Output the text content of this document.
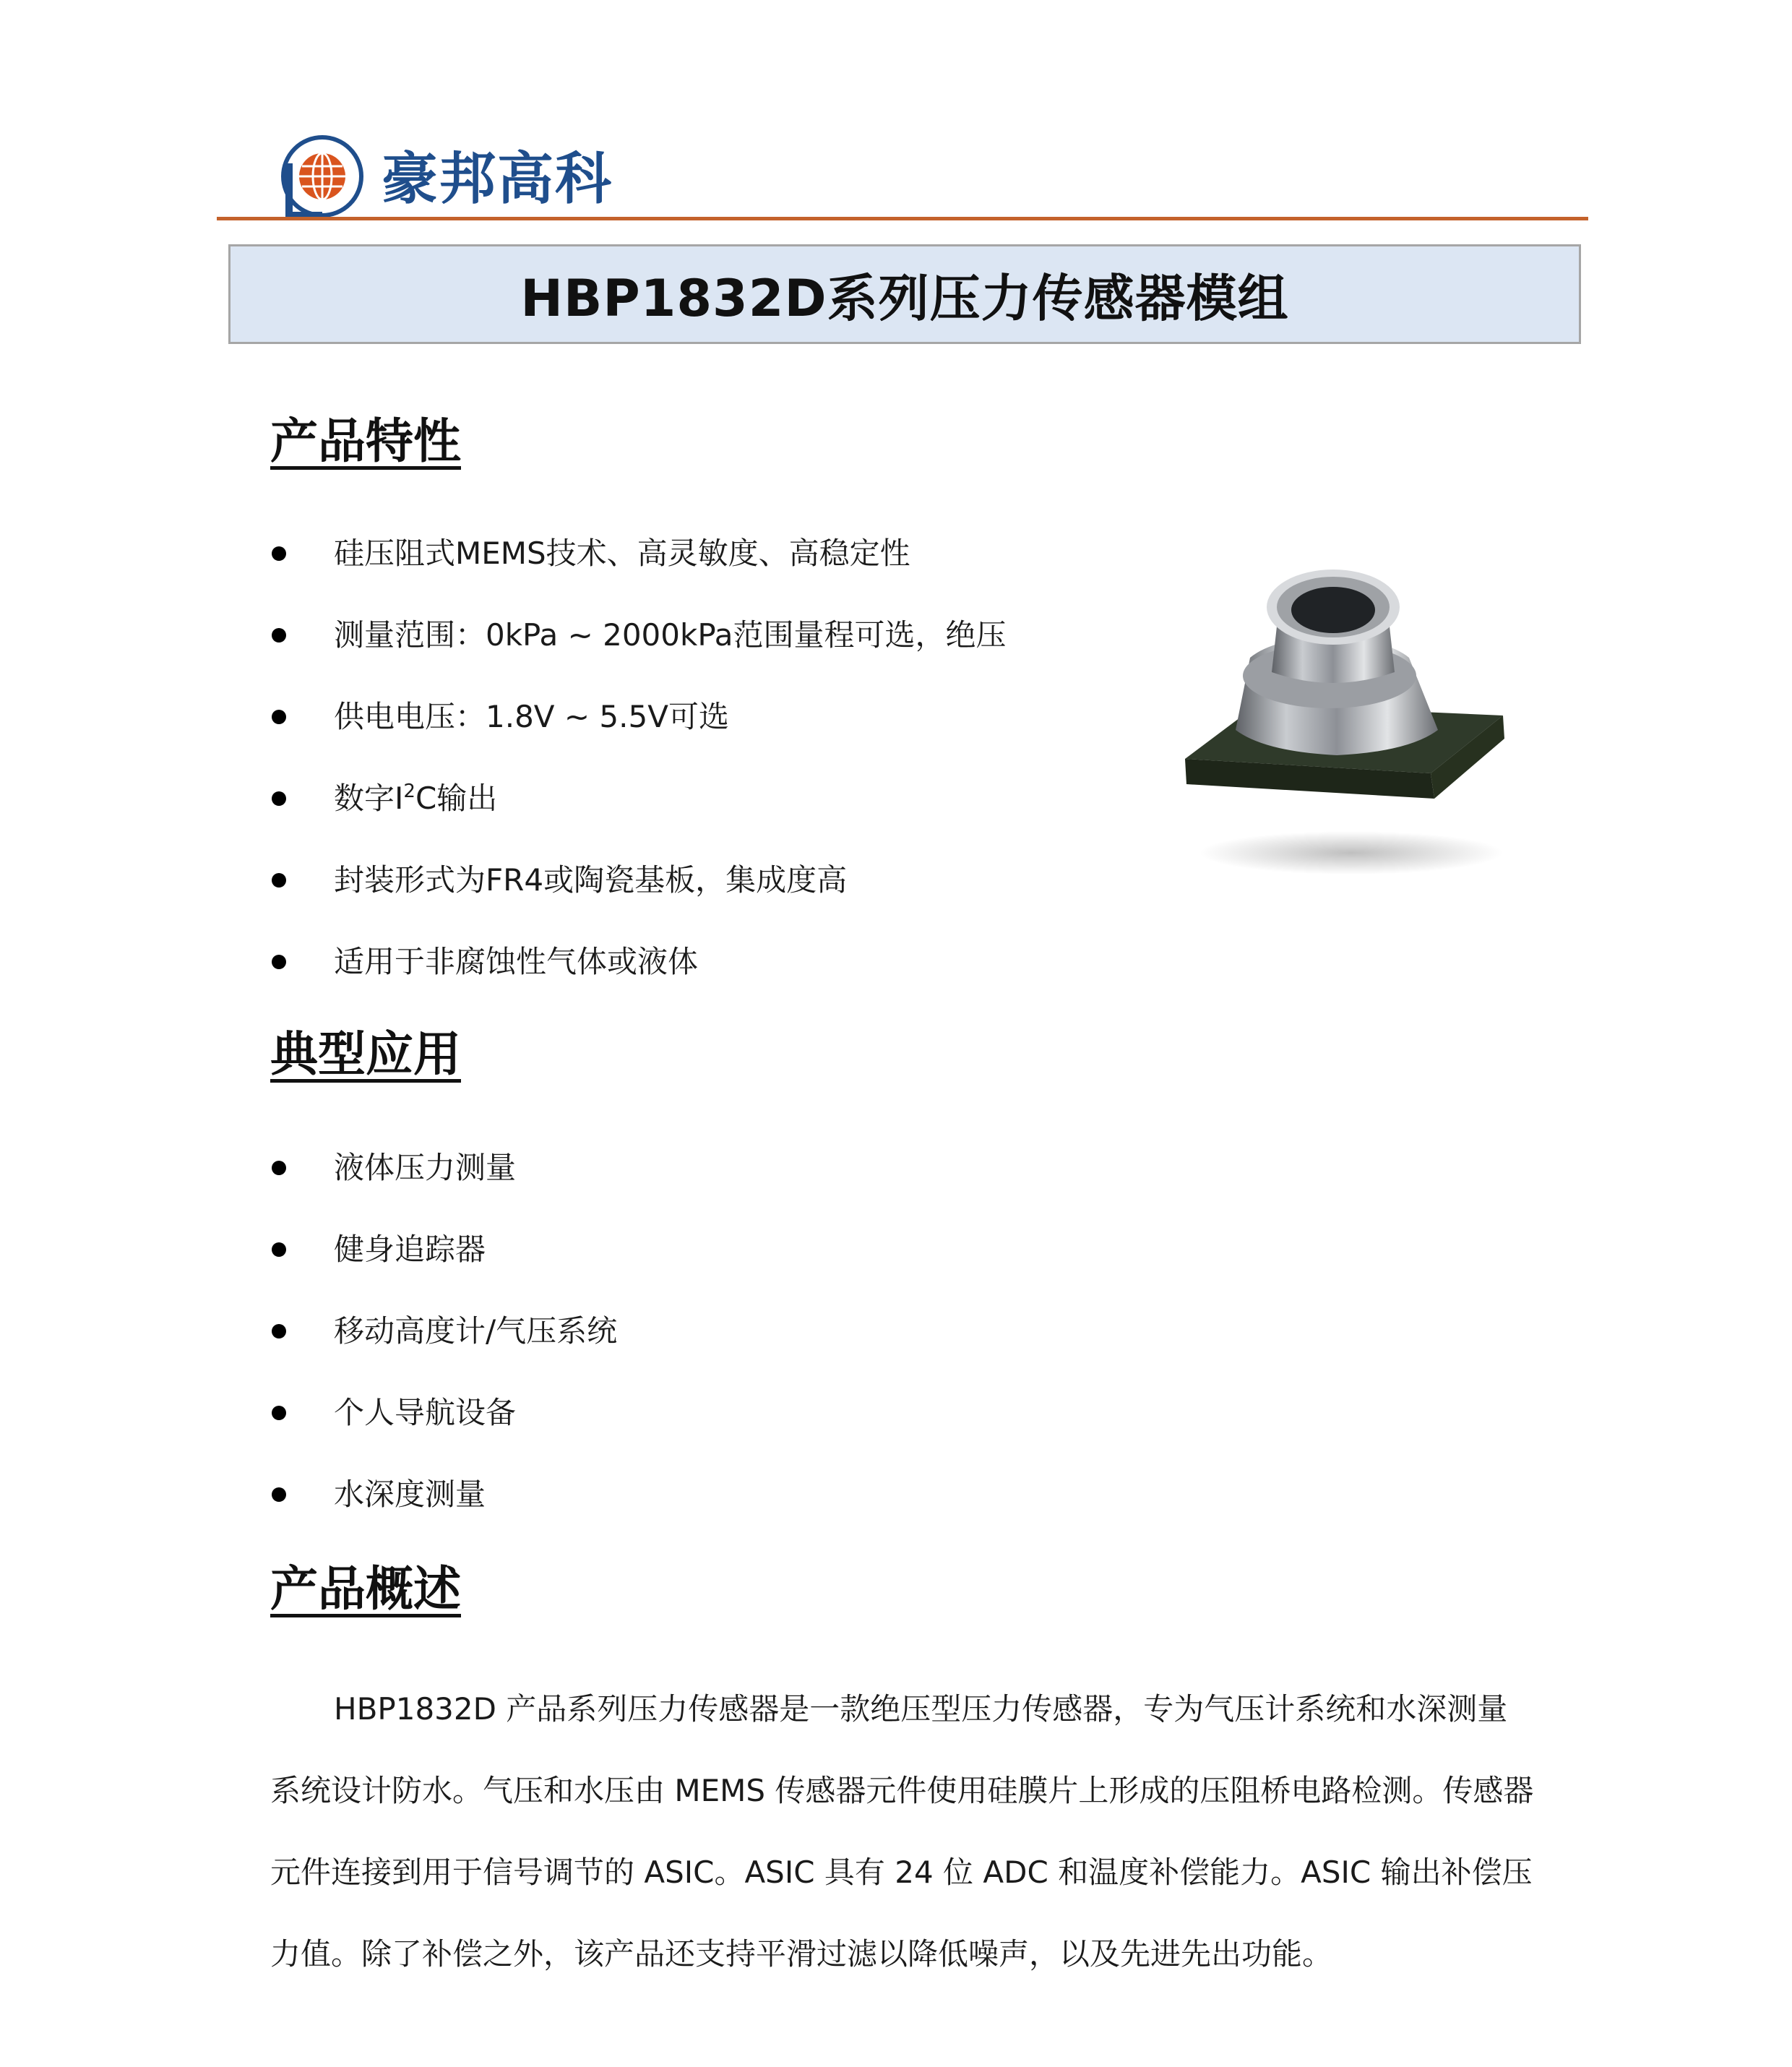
豪邦高科
HBP1832D系列压力传感器模组
产品特性
硅压阻式MEMS技术、高灵敏度、高稳定性
测量范围：0kPa ~ 2000kPa范围量程可选，绝压
供电电压：1.8V ~ 5.5V可选
数字$I^2C$输出
封装形式为FR4或陶瓷基板，集成度高
适用于非腐蚀性气体或液体
典型应用
液体压力测量
健身追踪器
移动高度计/气压系统
个人导航设备
水深度测量
产品概述
HBP1832D 产品系列压力传感器是一款绝压型压力传感器，专为气压计系统和水深测量系统设计防水。气压和水压由 MEMS 传感器元件使用硅膜片上形成的压阻桥电路检测。传感器元件连接到用于信号调节的 ASIC。ASIC 具有 24 位 ADC 和温度补偿能力。ASIC 输出补偿压力值。除了补偿之外，该产品还支持平滑过滤以降低噪声，以及先进先出功能。
